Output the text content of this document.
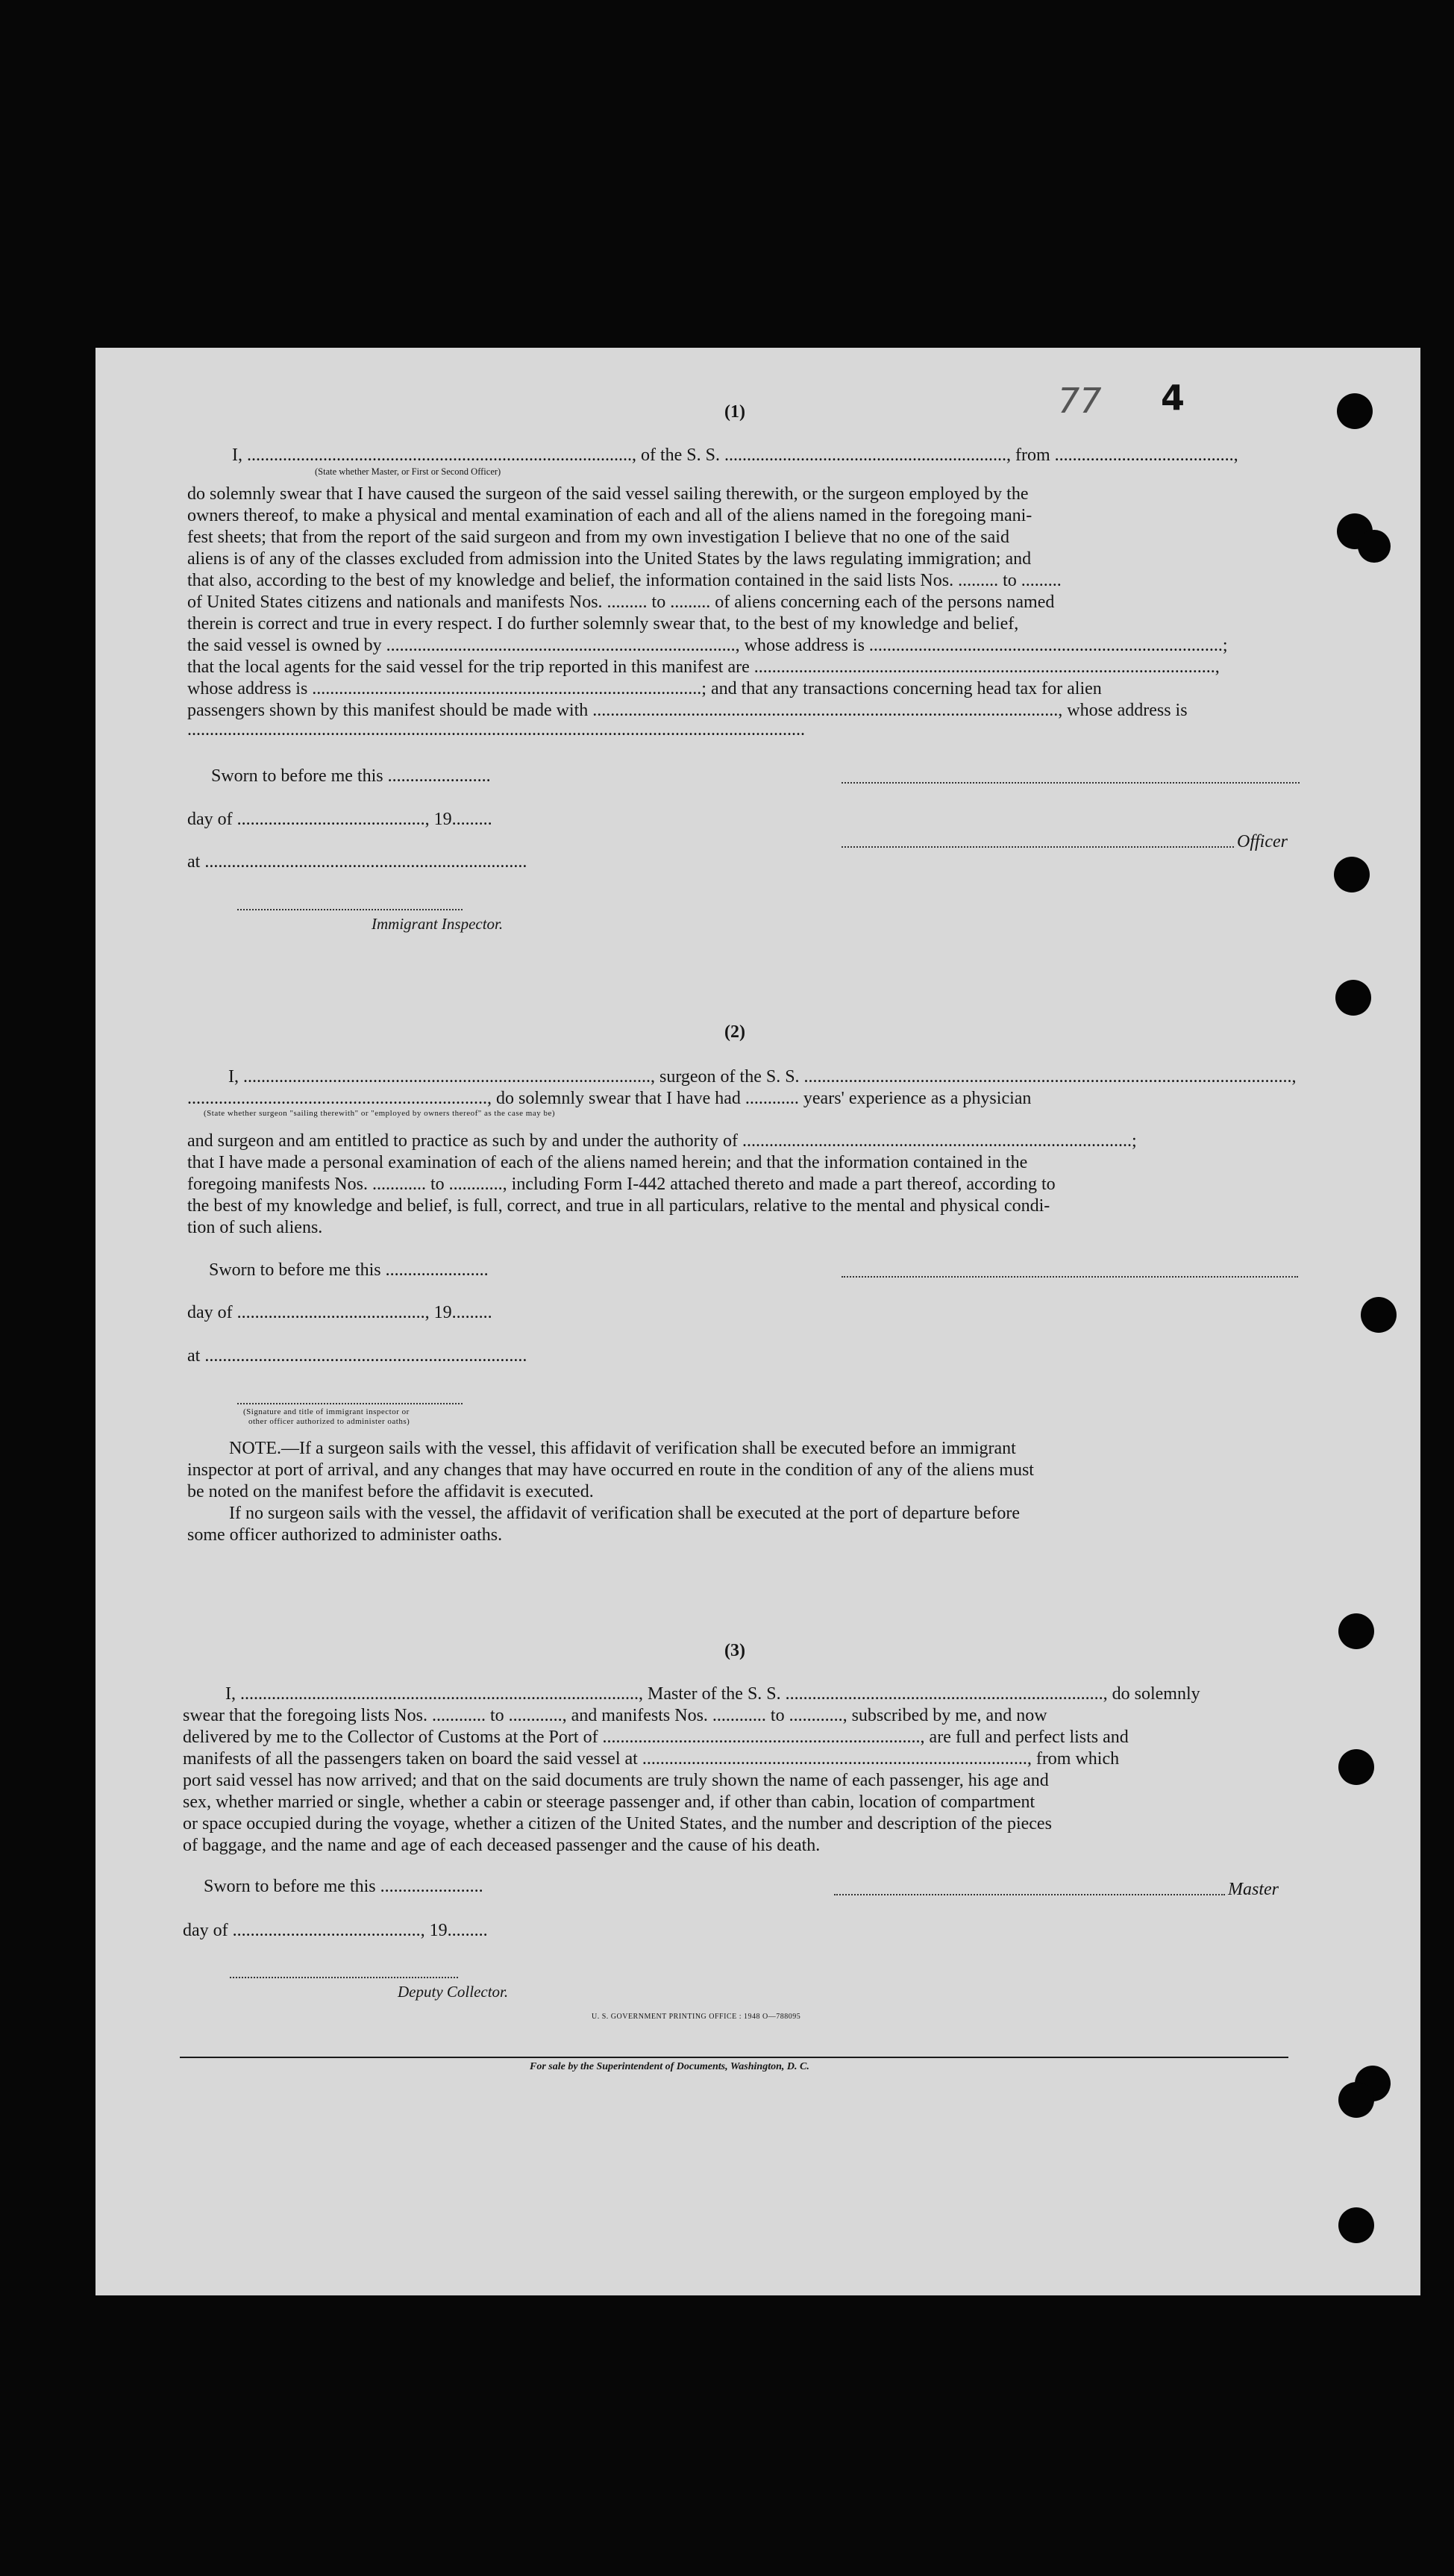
77 4
(1)
I, ......................................................................................, of the S. S. ..............................................................., from ........................................,
(State whether Master, or First or Second Officer)
do solemnly swear that I have caused the surgeon of the said vessel sailing therewith, or the surgeon employed by the
owners thereof, to make a physical and mental examination of each and all of the aliens named in the foregoing mani-
fest sheets; that from the report of the said surgeon and from my own investigation I believe that no one of the said
aliens is of any of the classes excluded from admission into the United States by the laws regulating immigration; and
that also, according to the best of my knowledge and belief, the information contained in the said lists Nos. ......... to .........
of United States citizens and nationals and manifests Nos. ......... to ......... of aliens concerning each of the persons named
therein is correct and true in every respect. I do further solemnly swear that, to the best of my knowledge and belief,
the said vessel is owned by .............................................................................., whose address is ...............................................................................;
that the local agents for the said vessel for the trip reported in this manifest are .......................................................................................................,
whose address is .......................................................................................; and that any transactions concerning head tax for alien
passengers shown by this manifest should be made with ........................................................................................................, whose address is
..........................................................................................................................................
Sworn to before me this .......................
day of .........................................., 19.........
Officer
at ........................................................................
Immigrant Inspector.
(2)
I, ..........................................................................................., surgeon of the S. S. .............................................................................................................,
..................................................................., do solemnly swear that I have had ............ years' experience as a physician
(State whether surgeon "sailing therewith" or "employed by owners thereof" as the case may be)
and surgeon and am entitled to practice as such by and under the authority of .......................................................................................;
that I have made a personal examination of each of the aliens named herein; and that the information contained in the
foregoing manifests Nos. ............ to ............, including Form I-442 attached thereto and made a part thereof, according to
the best of my knowledge and belief, is full, correct, and true in all particulars, relative to the mental and physical condi-
tion of such aliens.
Sworn to before me this .......................
day of .........................................., 19.........
at ........................................................................
(Signature and title of immigrant inspector or
other officer authorized to administer oaths)
NOTE.—If a surgeon sails with the vessel, this affidavit of verification shall be executed before an immigrant
inspector at port of arrival, and any changes that may have occurred en route in the condition of any of the aliens must
be noted on the manifest before the affidavit is executed.
If no surgeon sails with the vessel, the affidavit of verification shall be executed at the port of departure before
some officer authorized to administer oaths.
(3)
I, ........................................................................................., Master of the S. S. ......................................................................., do solemnly
swear that the foregoing lists Nos. ............ to ............, and manifests Nos. ............ to ............, subscribed by me, and now
delivered by me to the Collector of Customs at the Port of ......................................................................., are full and perfect lists and
manifests of all the passengers taken on board the said vessel at ......................................................................................, from which
port said vessel has now arrived; and that on the said documents are truly shown the name of each passenger, his age and
sex, whether married or single, whether a cabin or steerage passenger and, if other than cabin, location of compartment
or space occupied during the voyage, whether a citizen of the United States, and the number and description of the pieces
of baggage, and the name and age of each deceased passenger and the cause of his death.
Sworn to before me this .......................	Master
day of .........................................., 19.........
Deputy Collector.
U. S. GOVERNMENT PRINTING OFFICE : 1948 O—788095
For sale by the Superintendent of Documents, Washington, D. C.
